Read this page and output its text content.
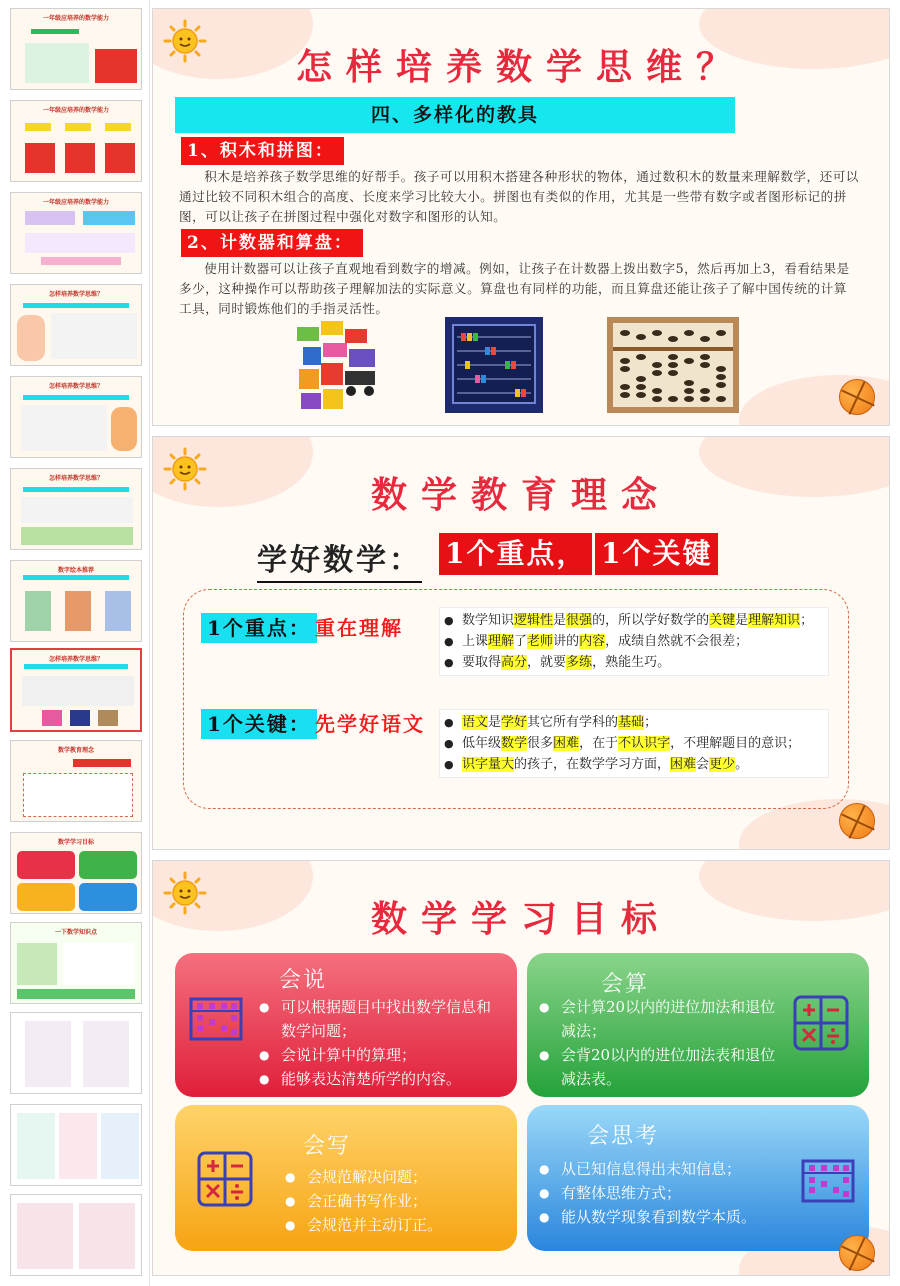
一年级应培养的数学能力
一年级应培养的数学能力
一年级应培养的数学能力
怎样培养数学思维？
怎样培养数学思维？
怎样培养数学思维？
数字绘本推荐
怎样培养数学思维？
数学教育理念
数学学习目标
一下数学知识点
怎样培养数学思维？
四、多样化的教具
1、积木和拼图：
积木是培养孩子数学思维的好帮手。孩子可以用积木搭建各种形状的物体，通过数积木的数量来理解数学，还可以通过比较不同积木组合的高度、长度来学习比较大小。拼图也有类似的作用，尤其是一些带有数字或者图形标记的拼图，可以让孩子在拼图过程中强化对数字和图形的认知。
2、计数器和算盘：
使用计数器可以让孩子直观地看到数字的增减。例如，让孩子在计数器上拨出数字5，然后再加上3，看看结果是多少，这种操作可以帮助孩子理解加法的实际意义。算盘也有同样的功能，而且算盘还能让孩子了解中国传统的计算工具，同时锻炼他们的手指灵活性。
数学教育理念
学好数学： 1个重点， 1个关键
1个重点： 重在理解	● 数学知识逻辑性是很强的，所以学好数学的关键是理解知识；
● 上课理解了老师讲的内容，成绩自然就不会很差；
● 要取得高分，就要多练，熟能生巧。
1个关键： 先学好语文	● 语文是学好其它所有学科的基础；
● 低年级数学很多困难，在于不认识字，不理解题目的意识；
● 识字量大的孩子，在数学学习方面，困难会更少。
数学学习目标
会说
● 可以根据题目中找出数学信息和数学问题；
● 会说计算中的算理；
● 能够表达清楚所学的内容。
会算
● 会计算20以内的进位加法和退位减法；
● 会背20以内的进位加法表和退位减法表。
会写
● 会规范解决问题；
● 会正确书写作业；
● 会规范并主动订正。
会思考
● 从已知信息得出未知信息；
● 有整体思维方式；
● 能从数学现象看到数学本质。
